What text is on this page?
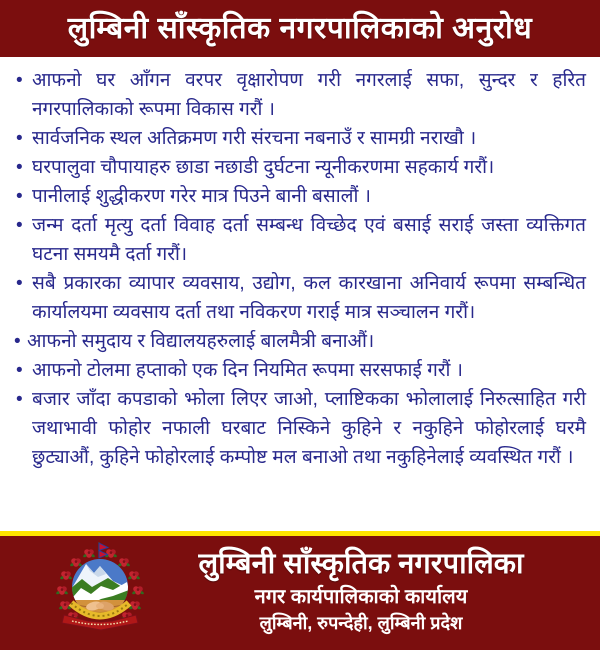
लुम्बिनी साँस्कृतिक नगरपालिकाको अनुरोध
• आफनो घर आँगन वरपर वृक्षारोपण गरी नगरलाई सफा, सुन्दर र हरित नगरपालिकाको रूपमा विकास गरौं ।
• सार्वजनिक स्थल अतिक्रमण गरी संरचना नबनाउँ र सामग्री नराखौ ।
• घरपालुवा चौपायाहरु छाडा नछाडी दुर्घटना न्यूनीकरणमा सहकार्य गरौं।
• पानीलाई शुद्धीकरण गरेर मात्र पिउने बानी बसालौं ।
• जन्म दर्ता मृत्यु दर्ता विवाह दर्ता सम्बन्ध विच्छेद एवं बसाई सराई जस्ता व्यक्तिगत घटना समयमै दर्ता गरौं।
• सबै प्रकारका व्यापार व्यवसाय, उद्योग, कल कारखाना अनिवार्य रूपमा सम्बन्धित कार्यालयमा व्यवसाय दर्ता तथा नविकरण गराई मात्र सञ्चालन गरौं।
• आफनो समुदाय र विद्यालयहरुलाई बालमैत्री बनाऔं।
• आफनो टोलमा हप्ताको एक दिन नियमित रूपमा सरसफाई गरौं ।
• बजार जाँदा कपडाको झोला लिएर जाओ, प्लाष्टिकका झोलालाई निरुत्साहित गरी जथाभावी फोहोर नफाली घरबाट निस्किने कुहिने र नकुहिने फोहोरलाई घरमै छुट्याऔं, कुहिने फोहोरलाई कम्पोष्ट मल बनाओ तथा नकुहिनेलाई व्यवस्थित गरौं ।
लुम्बिनी साँस्कृतिक नगरपालिका
नगर कार्यपालिकाको कार्यालय
लुम्बिनी, रुपन्देही, लुम्बिनी प्रदेश
